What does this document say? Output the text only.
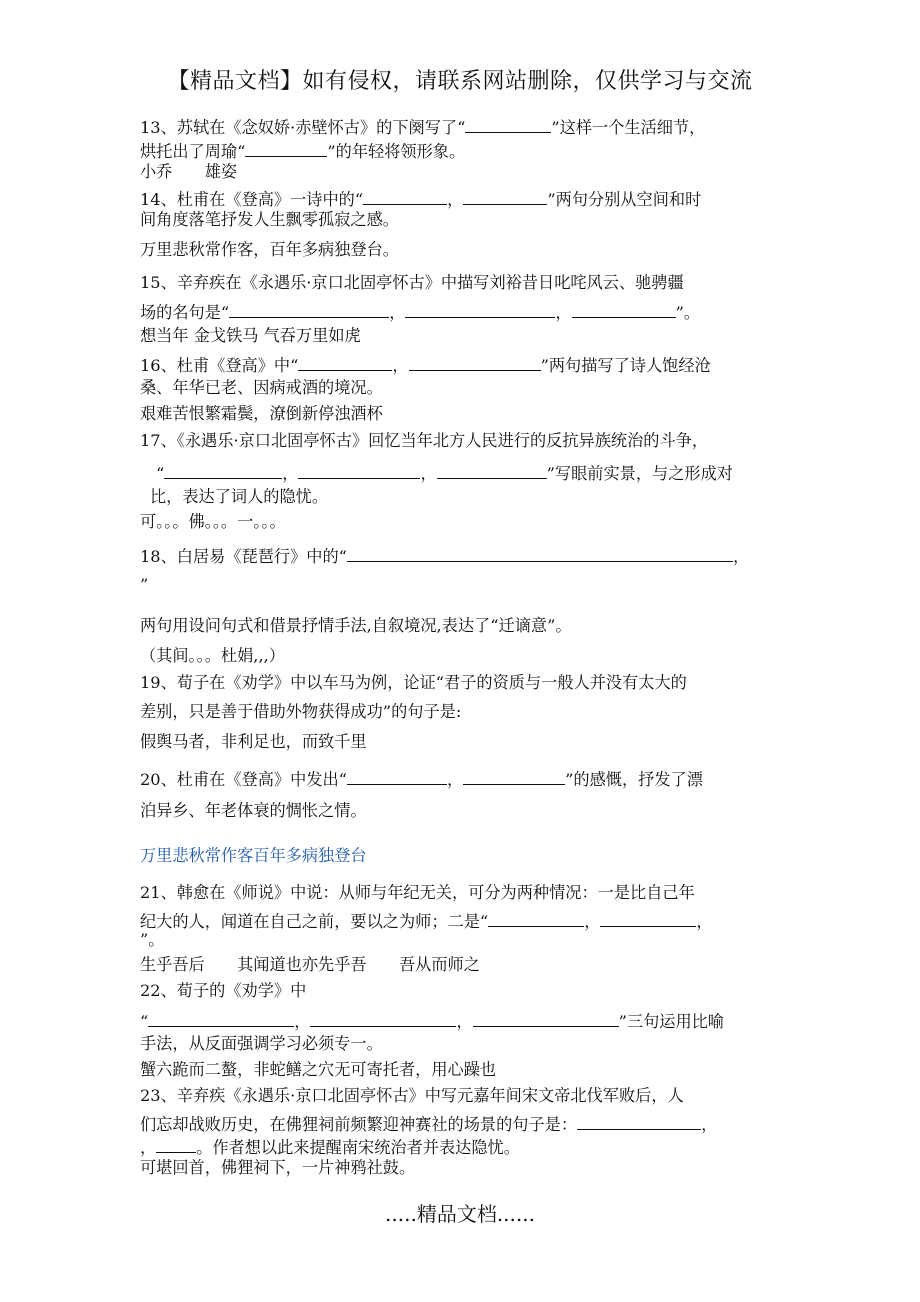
【精品文档】如有侵权，请联系网站删除，仅供学习与交流
13、苏轼在《念奴娇·赤壁怀古》的下阕写了“	”这样一个生活细节，
烘托出了周瑜“	”的年轻将领形象。
小乔　　雄姿
14、杜甫在《登高》一诗中的“	，	”两句分别从空间和时
间角度落笔抒发人生飘零孤寂之感。
万里悲秋常作客，百年多病独登台。
15、辛弃疾在《永遇乐·京口北固亭怀古》中描写刘裕昔日叱咤风云、驰骋疆
场的名句是“	，	，	”。
想当年 金戈铁马 气吞万里如虎
16、杜甫《登高》中“	，	”两句描写了诗人饱经沧
桑、年华已老、因病戒酒的境况。
艰难苦恨繁霜鬓，潦倒新停浊酒杯
17、《永遇乐·京口北固亭怀古》回忆当年北方人民进行的反抗异族统治的斗争，
“	，	，	”写眼前实景，与之形成对
比，表达了词人的隐忧。
可。。。佛。。。一。。。
18、白居易《琵琶行》中的“	，
”
两句用设问句式和借景抒情手法,自叙境况,表达了“迁谪意”。
（其间。。。杜娟,,,）
19、荀子在《劝学》中以车马为例，论证“君子的资质与一般人并没有太大的
差别，只是善于借助外物获得成功”的句子是:
假舆马者，非利足也，而致千里
20、杜甫在《登高》中发出“	，	”的感慨，抒发了漂
泊异乡、年老体衰的惆怅之情。
万里悲秋常作客百年多病独登台
21、韩愈在《师说》中说：从师与年纪无关，可分为两种情况：一是比自己年
纪大的人，闻道在自己之前，要以之为师；二是“	，	，
”。
生乎吾后　　其闻道也亦先乎吾　　吾从而师之
22、荀子的《劝学》中
“	，	，	”三句运用比喻
手法，从反面强调学习必须专一。
蟹六跪而二螯，非蛇鳝之穴无可寄托者，用心躁也
23、辛弃疾《永遇乐·京口北固亭怀古》中写元嘉年间宋文帝北伐军败后，人
们忘却战败历史，在佛狸祠前频繁迎神赛社的场景的句子是：	，
， 。作者想以此来提醒南宋统治者并表达隐忧。
可堪回首，佛狸祠下，一片神鸦社鼓。
.....精品文档......
